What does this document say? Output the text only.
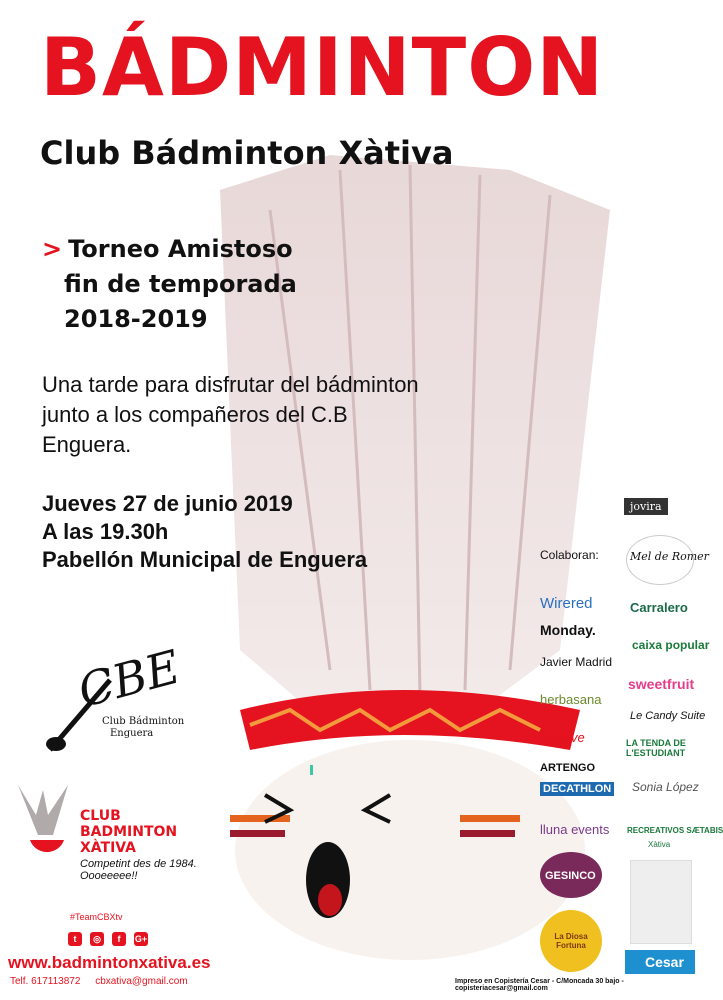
BÁDMINTON
Club Bádminton Xàtiva
> Torneo Amistoso
fin de temporada
2018-2019
Una tarde para disfrutar del bádminton junto a los compañeros del C.B Enguera.
Jueves 27 de junio 2019
A las 19.30h
Pabellón Municipal de Enguera
CBE
Club Bádminton
Enguera
CLUB
BADMINTON
XÀTIVA
Competint des de 1984.
Oooeeeee!!
#TeamCBXtv
t	◎	f	G+
www.badmintonxativa.es
Telf. 617113872 cbxativa@gmail.com
Colaboran:
jovira
Mel de Romer
Wirered	Carralero
Monday.
caixa popular
Javier Madrid
sweetfruit
herbasana
Le Candy Suite
adarve	LA TENDA DE L'ESTUDIANT
ARTENGO
DECATHLON Sonia López
lluna events RECREATIVOS SÆTABIS
Xàtiva
GESINCO
La Diosa Fortuna
Cesar
Impreso en Copistería Cesar - C/Moncada 30 bajo - copisteriacesar@gmail.com
